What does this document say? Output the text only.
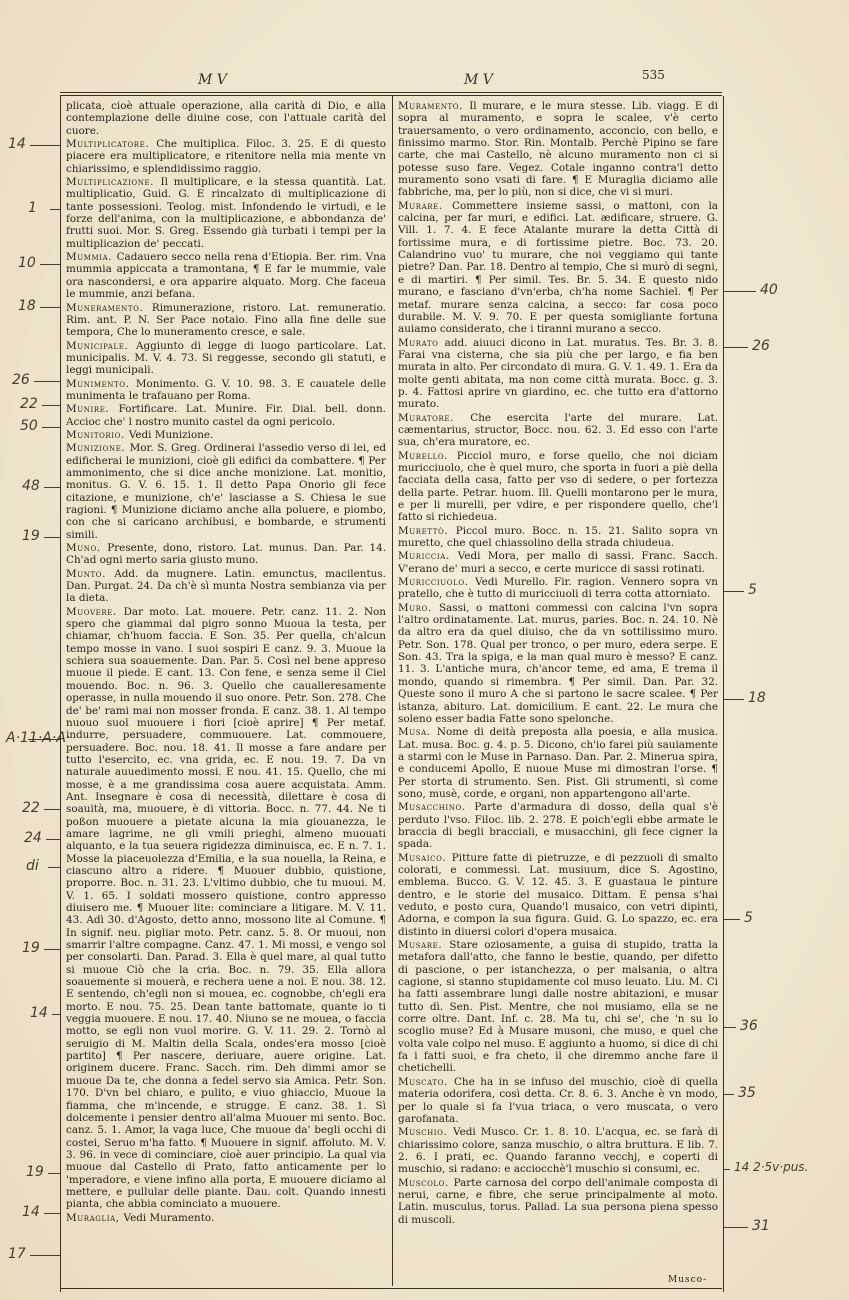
M V	M V	535

plicata, cioè attuale operazione, alla carità di Dio, e alla contemplazione delle diuine cose, con l'attuale carità del cuore.

Multiplicatore. Che multiplica. Filoc. 3. 25. E di questo piacere era multiplicatore, e ritenitore nella mia mente vn chiarissimo, e splendidissimo raggio.

Multiplicazione. Il multiplicare, e la stessa quantità. Lat. multiplicatio, Guid. G. E rincalzato di multiplicazione di tante possessioni. Teolog. mist. Infondendo le virtudi, e le forze dell'anima, con la multiplicazione, e abbondanza de' frutti suoi. Mor. S. Greg. Essendo già turbati i tempi per la multiplicazion de' peccati.

Mummia. Cadauero secco nella rena d'Etiopia. Ber. rim. Vna mummia appiccata a tramontana, ¶ E far le mummie, vale ora nascondersi, e ora apparire alquato. Morg. Che faceua le mummie, anzi befana.

Muneramento. Rimunerazione, ristoro. Lat. remuneratio. Rim. ant. P. N. Ser Pace notaio. Fino alla fine delle sue tempora, Che lo muneramento cresce, e sale.

Municipale. Aggiunto di legge di luogo particolare. Lat. municipalis. M. V. 4. 73. Si reggesse, secondo gli statuti, e leggi municipali.

Munimento. Monimento. G. V. 10. 98. 3. E cauatele delle munimenta le trafauano per Roma.

Munire. Fortificare. Lat. Munire. Fir. Dial. bell. donn. Accioc che' l nostro munito castel da ogni pericolo.

Munitorio. Vedi Munizione.

Munizione. Mor. S. Greg. Ordinerai l'assedio verso di lei, ed edificherai le munizioni, cioè gli edifici da combattere. ¶ Per ammonimento, che si dice anche monizione. Lat. monitio, monitus. G. V. 6. 15. 1. Il detto Papa Onorio gli fece citazione, e munizione, ch'e' lasciasse a S. Chiesa le sue ragioni. ¶ Munizione diciamo anche alla poluere, e piombo, con che si caricano archibusi, e bombarde, e strumenti simili.

Muno. Presente, dono, ristoro. Lat. munus. Dan. Par. 14. Ch'ad ogni merto saria giusto muno.

Munto. Add. da mugnere. Latin. emunctus, macilentus. Dan. Purgat. 24. Da ch'è sì munta Nostra sembianza via per la dieta.

Muovere. Dar moto. Lat. mouere. Petr. canz. 11. 2. Non spero che giammai dal pigro sonno Muoua la testa, per chiamar, ch'huom faccia. E Son. 35. Per quella, ch'alcun tempo mosse in vano. I suoi sospiri E canz. 9. 3. Muoue la schiera sua soauemente. Dan. Par. 5. Così nel bene appreso muoue il piede. E cant. 13. Con fene, e senza seme il Ciel mouendo. Boc. n. 96. 3. Quello che caualleresamente operasse, in nulla mouendo il suo onore. Petr. Son. 278. Che de' be' rami mai non mosser fronda. E canz. 38. 1. Al tempo nuouo suol muouere i fiori [cioè aprire] ¶ Per metaf. indurre, persuadere, commuouere. Lat. commouere, persuadere. Boc. nou. 18. 41. Il mosse a fare andare per tutto l'esercito, ec. vna grida, ec. E nou. 19. 7. Da vn naturale auuedimento mossi. E nou. 41. 15. Quello, che mi mosse, è a me grandissima cosa auere acquistata. Amm. Ant. Insegnare è cosa di necessità, dilettare è cosa di soauità, ma, muouere, è di vittoria. Bocc. n. 77. 44. Ne ti poßon muouere a pietate alcuna la mia giouanezza, le amare lagrime, ne gli vmili prieghi, almeno muouati alquanto, e la tua seuera rigidezza diminuisca, ec. E n. 7. 1. Mosse la piaceuolezza d'Emilia, e la sua nouella, la Reina, e ciascuno altro a ridere. ¶ Muouer dubbio, quistione, proporre. Boc. n. 31. 23. L'vltimo dubbio, che tu muoui. M. V. 1. 65. I soldati mossero quistione, contro appresso diuisero me. ¶ Muouer lite: cominciare a litigare. M. V. 11. 43. Adì 30. d'Agosto, detto anno, mossono lite al Comune. ¶ In signif. neu. pigliar moto. Petr. canz. 5. 8. Or muoui, non smarrir l'altre compagne. Canz. 47. 1. Mi mossi, e vengo sol per consolarti. Dan. Parad. 3. Ella è quel mare, al qual tutto si muoue Ciò che la cria. Boc. n. 79. 35. Ella allora soauemente si mouerà, e rechera uene a noi. E nou. 38. 12. E sentendo, ch'egli non si mouea, ec. cognobbe, ch'egli era morto. E nou. 75. 25. Dean tante battomate, quante io ti veggia muouere. E nou. 17. 40. Niuno se ne mouea, o faccia motto, se egli non vuol morire. G. V. 11. 29. 2. Tornò al seruigio di M. Maltin della Scala, ondes'era mosso [cioè partito] ¶ Per nascere, deriuare, auere origine. Lat. originem ducere. Franc. Sacch. rim. Deh dimmi amor se muoue Da te, che donna a fedel servo sia Amica. Petr. Son. 170. D'vn bel chiaro, e pulito, e viuo ghiaccio, Muoue la fiamma, che m'incende, e strugge. E canz. 38. 1. Sì dolcemente i pensier dentro all'alma Muouer mi sento. Boc. canz. 5. 1. Amor, la vaga luce, Che muoue da' begli occhi di costei, Seruo m'ha fatto. ¶ Muouere in signif. affoluto. M. V. 3. 96. in vece di cominciare, cioè auer principio. La qual via muoue dal Castello di Prato, fatto anticamente per lo 'mperadore, e viene infino alla porta, E muouere diciamo al mettere, e pullular delle piante. Dau. colt. Quando innesti pianta, che abbia cominciato a muouere.

Muraglia, Vedi Muramento.

Muramento. Il murare, e le mura stesse. Lib. viagg. E di sopra al muramento, e sopra le scalee, v'è certo trauersamento, o vero ordinamento, acconcio, con bello, e finissimo marmo. Stor. Rin. Montalb. Perchè Pipino se fare carte, che mai Castello, nè alcuno muramento non ci si potesse suso fare. Vegez. Cotale inganno contra'l detto muramento sono vsati di fare. ¶ E Muraglia diciamo alle fabbriche, ma, per lo più, non si dice, che vi si muri.

Murare. Commettere insieme sassi, o mattoni, con la calcina, per far muri, e edifici. Lat. ædificare, struere. G. Vill. 1. 7. 4. E fece Atalante murare la detta Città di fortissime mura, e di fortissime pietre. Boc. 73. 20. Calandrino vuo' tu murare, che noi veggiamo qui tante pietre? Dan. Par. 18. Dentro al tempio, Che si murò di segni, e di martiri. ¶ Per simil. Tes. Br. 5. 34. E questo nido murano, e fasciano d'vn'erba, ch'ha nome Sachiel. ¶ Per metaf. murare senza calcina, a secco: far cosa poco durabile. M. V. 9. 70. E per questa somigliante fortuna auiamo considerato, che i tiranni murano a secco.

Murato add. aiuuci dicono in Lat. muratus. Tes. Br. 3. 8. Farai vna cisterna, che sia più che per largo, e fia ben murata in alto. Per circondato di mura. G. V. 1. 49. 1. Era da molte genti abitata, ma non come città murata. Bocc. g. 3. p. 4. Fattosi aprire vn giardino, ec. che tutto era d'attorno murato.

Muratore. Che esercita l'arte del murare. Lat. cæmentarius, structor, Bocc. nou. 62. 3. Ed esso con l'arte sua, ch'era muratore, ec.

Murello. Picciol muro, e forse quello, che noi diciam muricciuolo, che è quel muro, che sporta in fuori a piè della facciata della casa, fatto per vso di sedere, o per fortezza della parte. Petrar. huom. Ill. Quelli montarono per le mura, e per li murelli, per vdire, e per rispondere quello, che'l fatto si richiedeua.

Murettò. Piccol muro. Bocc. n. 15. 21. Salito sopra vn muretto, che quel chiassolino della strada chiudeua.

Muriccia. Vedi Mora, per mallo di sassi. Franc. Sacch. V'erano de' muri a secco, e certe muricce di sassi rotinati.

Muricciuolo. Vedi Murello. Fir. ragion. Vennero sopra vn pratello, che è tutto di muricciuoli di terra cotta attorniato.

Muro. Sassi, o mattoni commessi con calcina l'vn sopra l'altro ordinatamente. Lat. murus, paries. Boc. n. 24. 10. Nè da altro era da quel diuiso, che da vn sottilissimo muro. Petr. Son. 178. Qual per tronco, o per muro, edera serpe. E Son. 43. Tra la spiga, e la man qual muro è messo? E canz. 11. 3. L'antiche mura, ch'ancor teme, ed ama, E trema il mondo, quando si rimembra. ¶ Per simil. Dan. Par. 32. Queste sono il muro A che si partono le sacre scalee. ¶ Per istanza, abituro. Lat. domicilium. E cant. 22. Le mura che soleno esser badia Fatte sono spelonche.

Musa. Nome di deità preposta alla poesia, e alla musica. Lat. musa. Boc. g. 4. p. 5. Dicono, ch'io farei più sauiamente a starmi con le Muse in Parnaso. Dan. Par. 2. Minerua spira, e conducemi Apollo, E nuoue Muse mi dimostran l'orse. ¶ Per storta di strumento. Sen. Pist. Gli strumenti, sì come sono, musè, corde, e organi, non appartengono all'arte.

Musacchino. Parte d'armadura di dosso, della qual s'è perduto l'vso. Filoc. lib. 2. 278. E poich'egli ebbe armate le braccia di begli bracciali, e musacchini, gli fece cigner la spada.

Musaico. Pitture fatte di pietruzze, e di pezzuoli di smalto colorati, e commessi. Lat. musiuum, dice S. Agostino, emblema. Bucco. G. V. 12. 45. 3. E guastaua le pinture dentro, e le storie del musaico. Dittam. E pensa s'hai veduto, e posto cura, Quando'l musaico, con vetri dipinti, Adorna, e compon la sua figura. Guid. G. Lo spazzo, ec. era distinto in diuersi colori d'opera musaica.

Musare. Stare oziosamente, a guisa di stupido, tratta la metafora dall'atto, che fanno le bestie, quando, per difetto di pascione, o per istanchezza, o per malsania, o altra cagione, si stanno stupidamente col muso leuato. Liu. M. Ci ha fatti assembrare lungi dalle nostre abitazioni, e musar tutto dì. Sen. Pist. Mentre, che noi musiamo, ella se ne corre oltre. Dant. Inf. c. 28. Ma tu, chi se', che 'n su lo scoglio muse? Ed à Musare musoni, che muso, e quel che volta vale colpo nel muso. E aggiunto a huomo, si dice di chi fa i fatti suoi, e fra cheto, il che diremmo anche fare il chetichelli.

Muscato. Che ha in se infuso del muschio, cioè di quella materia odorifera, così detta. Cr. 8. 6. 3. Anche è vn modo, per lo quale si fa l'vua triaca, o vero muscata, o vero garofanata.

Muschio. Vedi Musco. Cr. 1. 8. 10. L'acqua, ec. se farà di chiarissimo colore, sanza muschio, o altra bruttura. E lib. 7. 2. 6. I prati, ec. Quando faranno vecchj, e coperti di muschio, si radano: e acciocchè'l muschio si consumi, ec.

Muscolo. Parte carnosa del corpo dell'animale composta di nerui, carne, e fibre, che serue principalmente al moto. Latin. musculus, torus. Pallad. La sua persona piena spesso di muscoli.

Musco-
14
1
10
18
26
22
50
48
19
A·11·A·A·
22
24
di
19
14
19
14
17
40
26
5
18
5
36
35
14 2·5v·pus.
31
